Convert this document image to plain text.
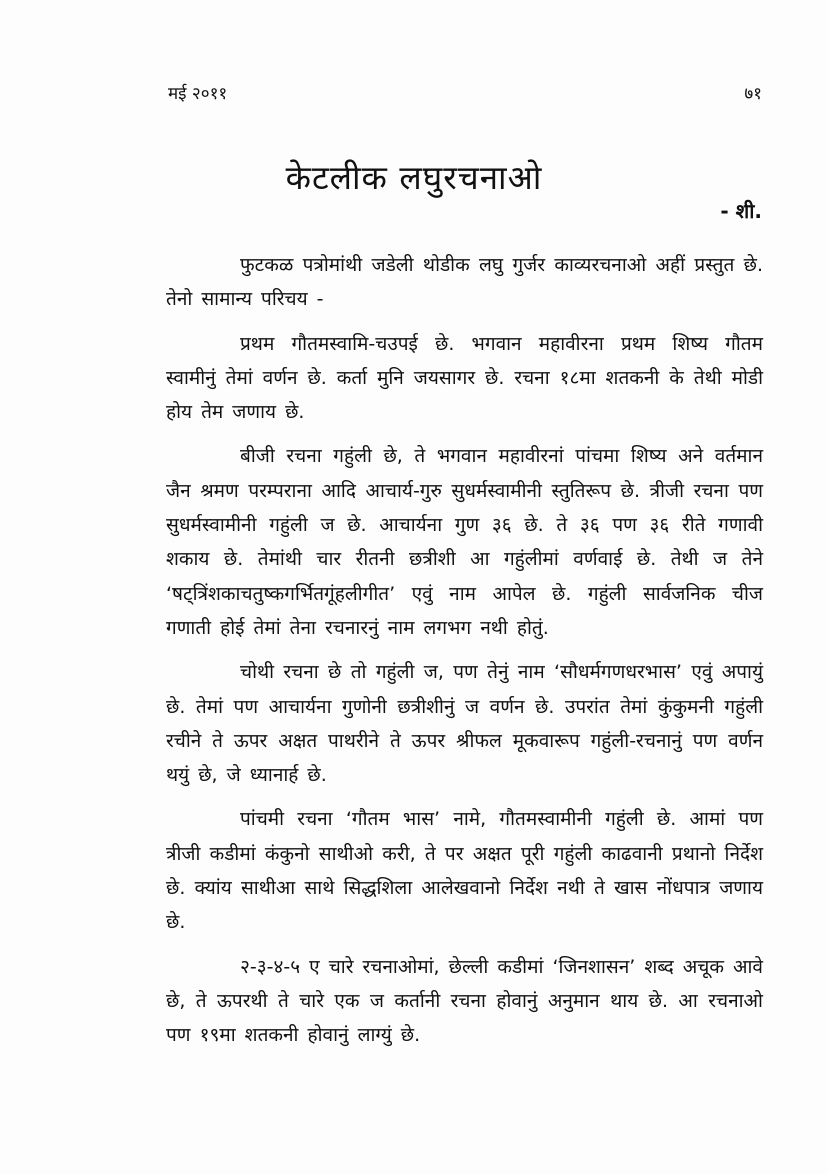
मई २०११	७१
केटलीक लघुरचनाओ
- शी.

फुटकळ पत्रोमांथी जडेली थोडीक लघु गुर्जर काव्यरचनाओ अहीं प्रस्तुत छे. तेनो सामान्य परिचय -

प्रथम गौतमस्वामि-चउपई छे. भगवान महावीरना प्रथम शिष्य गौतम स्वामीनुं तेमां वर्णन छे. कर्ता मुनि जयसागर छे. रचना १८मा शतकनी के तेथी मोडी होय तेम जणाय छे.

बीजी रचना गहुंली छे, ते भगवान महावीरनां पांचमा शिष्य अने वर्तमान जैन श्रमण परम्पराना आदि आचार्य-गुरु सुधर्मस्वामीनी स्तुतिरूप छे. त्रीजी रचना पण सुधर्मस्वामीनी गहुंली ज छे. आचार्यना गुण ३६ छे. ते ३६ पण ३६ रीते गणावी शकाय छे. तेमांथी चार रीतनी छत्रीशी आ गहुंलीमां वर्णवाई छे. तेथी ज तेने ‘षट्त्रिंशकाचतुष्कगर्भितगूंहलीगीत’ एवुं नाम आपेल छे. गहुंली सार्वजनिक चीज गणाती होई तेमां तेना रचनारनुं नाम लगभग नथी होतुं.

चोथी रचना छे तो गहुंली ज, पण तेनुं नाम ‘सौधर्मगणधरभास’ एवुं अपायुं छे. तेमां पण आचार्यना गुणोनी छत्रीशीनुं ज वर्णन छे. उपरांत तेमां कुंकुमनी गहुंली रचीने ते ऊपर अक्षत पाथरीने ते ऊपर श्रीफल मूकवारूप गहुंली-रचनानुं पण वर्णन थयुं छे, जे ध्यानार्ह छे.

पांचमी रचना ‘गौतम भास’ नामे, गौतमस्वामीनी गहुंली छे. आमां पण त्रीजी कडीमां कंकुनो साथीओ करी, ते पर अक्षत पूरी गहुंली काढवानी प्रथानो निर्देश छे. क्यांय साथीआ साथे सिद्धशिला आलेखवानो निर्देश नथी ते खास नोंधपात्र जणाय छे.

२-३-४-५ ए चारे रचनाओमां, छेल्ली कडीमां ‘जिनशासन’ शब्द अचूक आवे छे, ते ऊपरथी ते चारे एक ज कर्तानी रचना होवानुं अनुमान थाय छे. आ रचनाओ पण १९मा शतकनी होवानुं लाग्युं छे.
